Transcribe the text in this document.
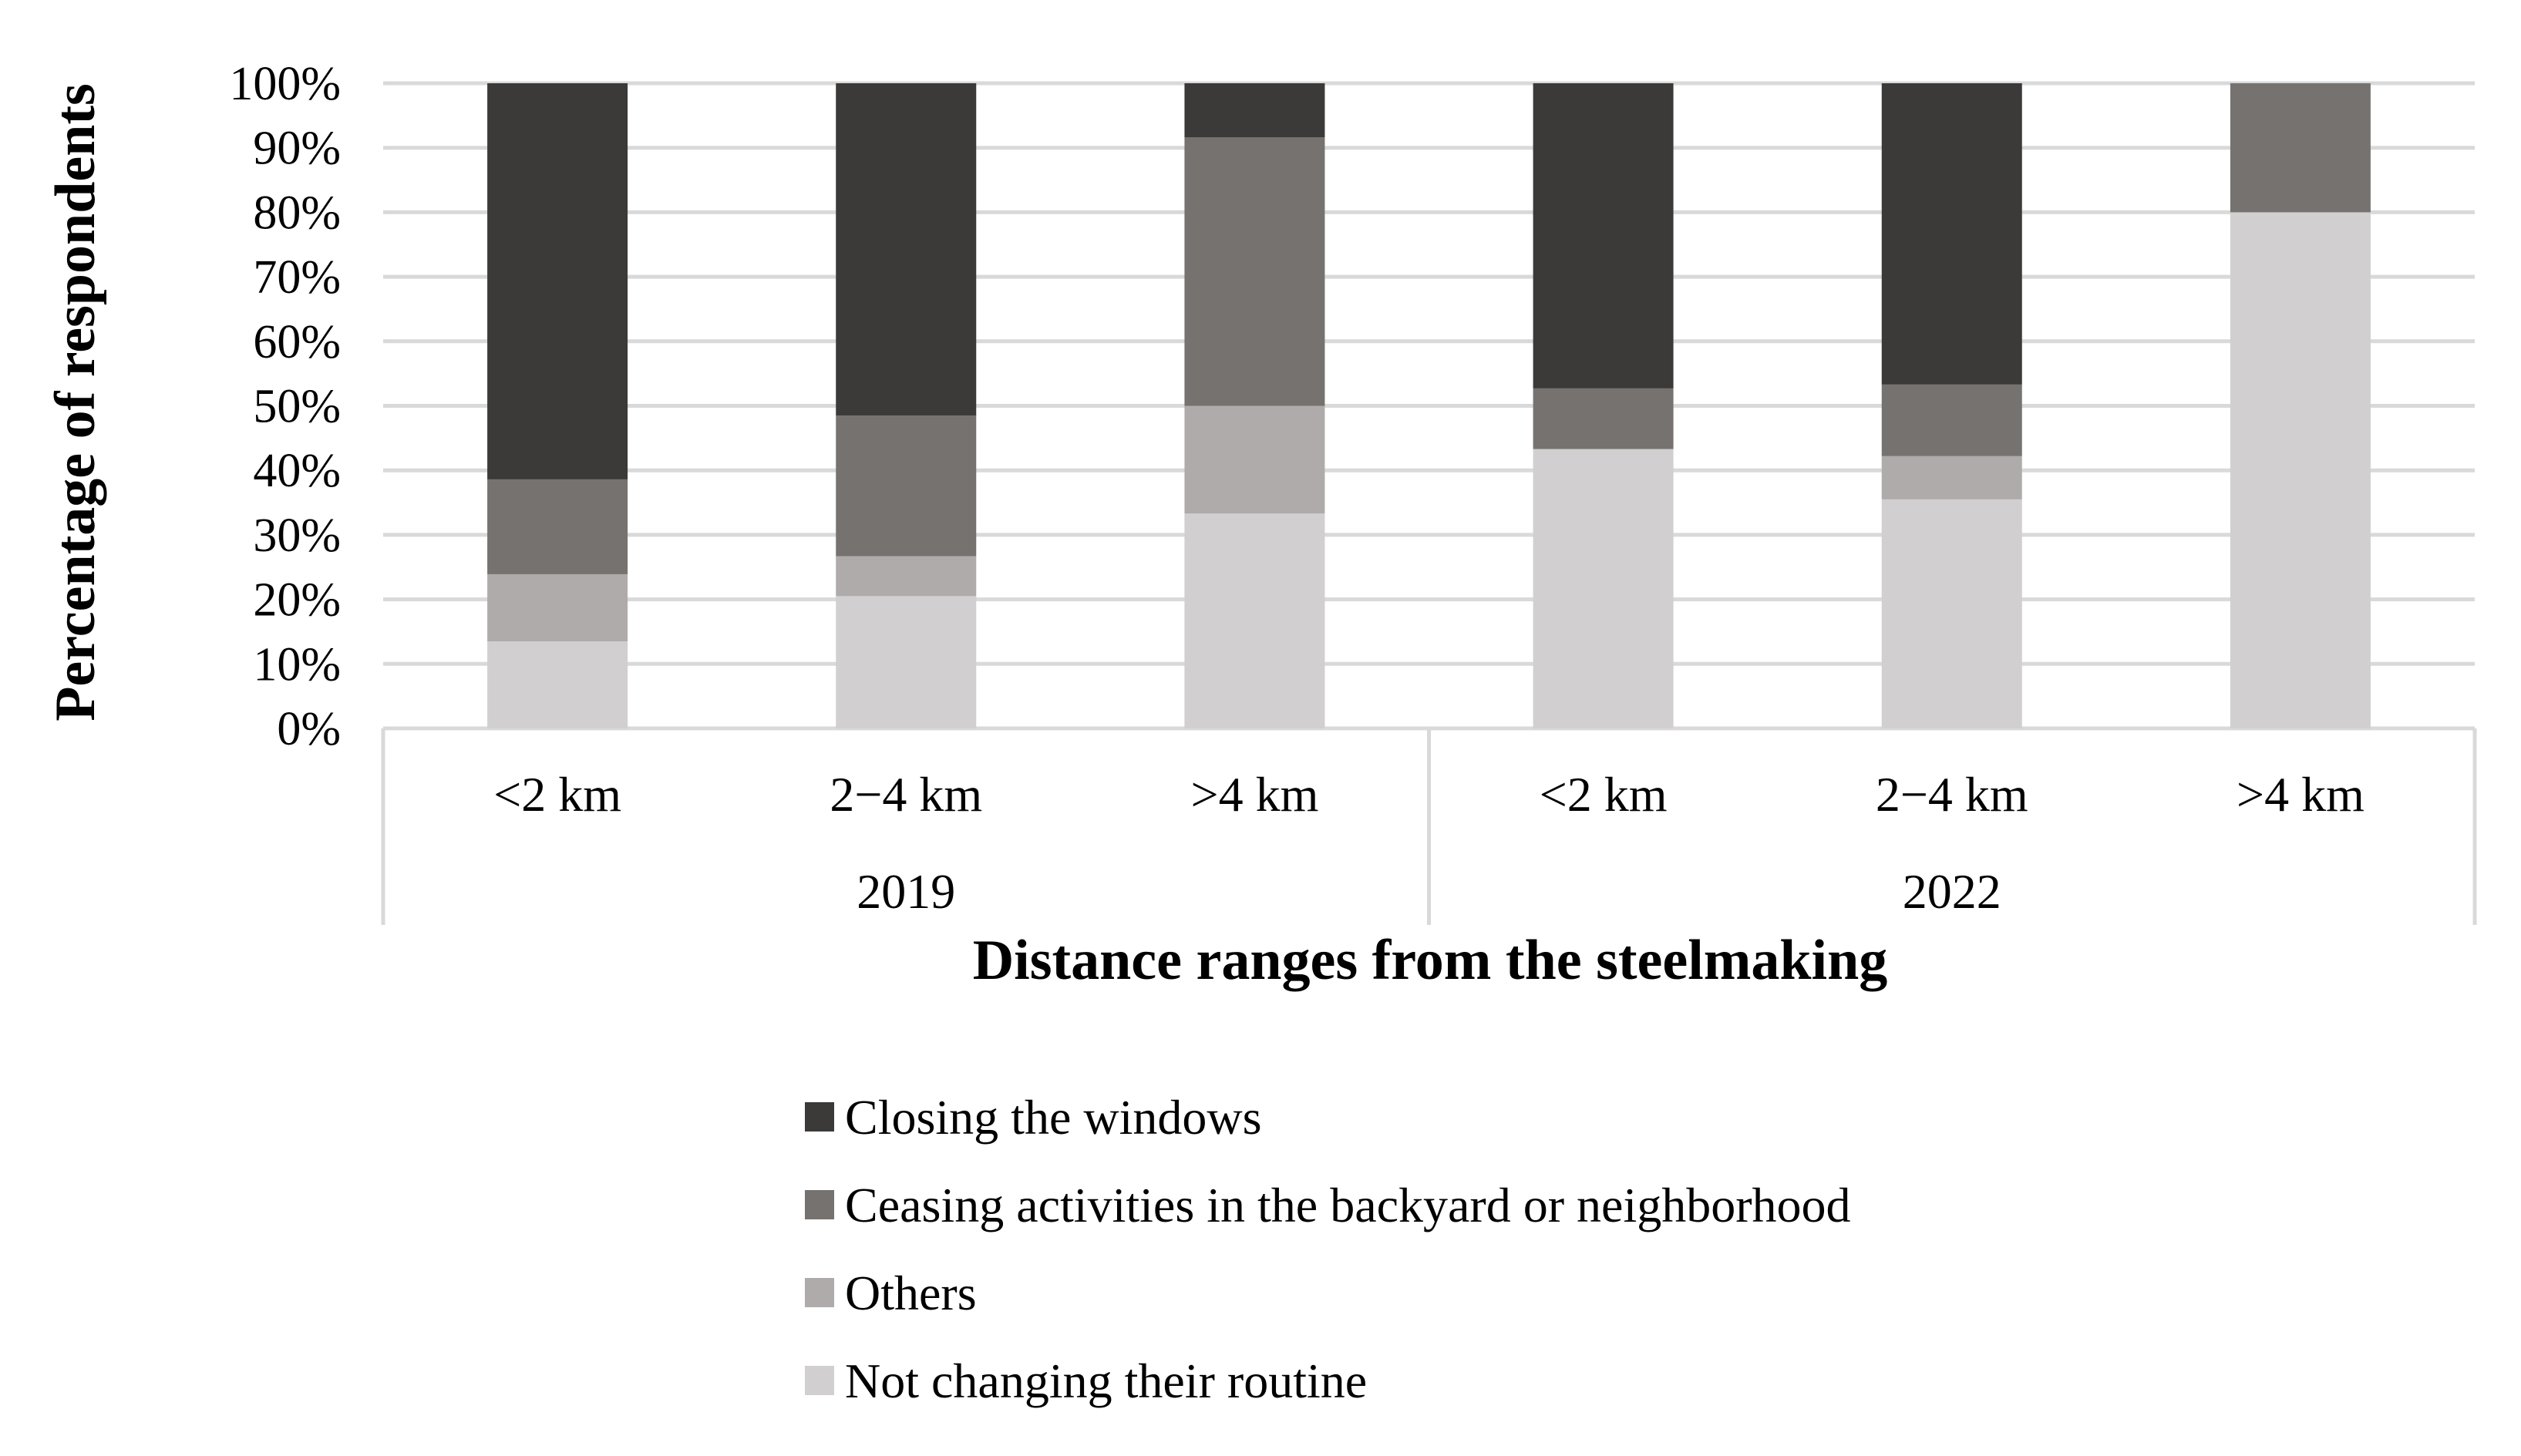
0%
10%
20%
30%
40%
50%
60%
70%
80%
90%
100%
<2 km	2−4 km	>4 km	<2 km	2−4 km	>4 km
2019	2022
Percentage of respondents
Distance ranges from the steelmaking
Closing the windows
Ceasing activities in the backyard or neighborhood
Others
Not changing their routine
